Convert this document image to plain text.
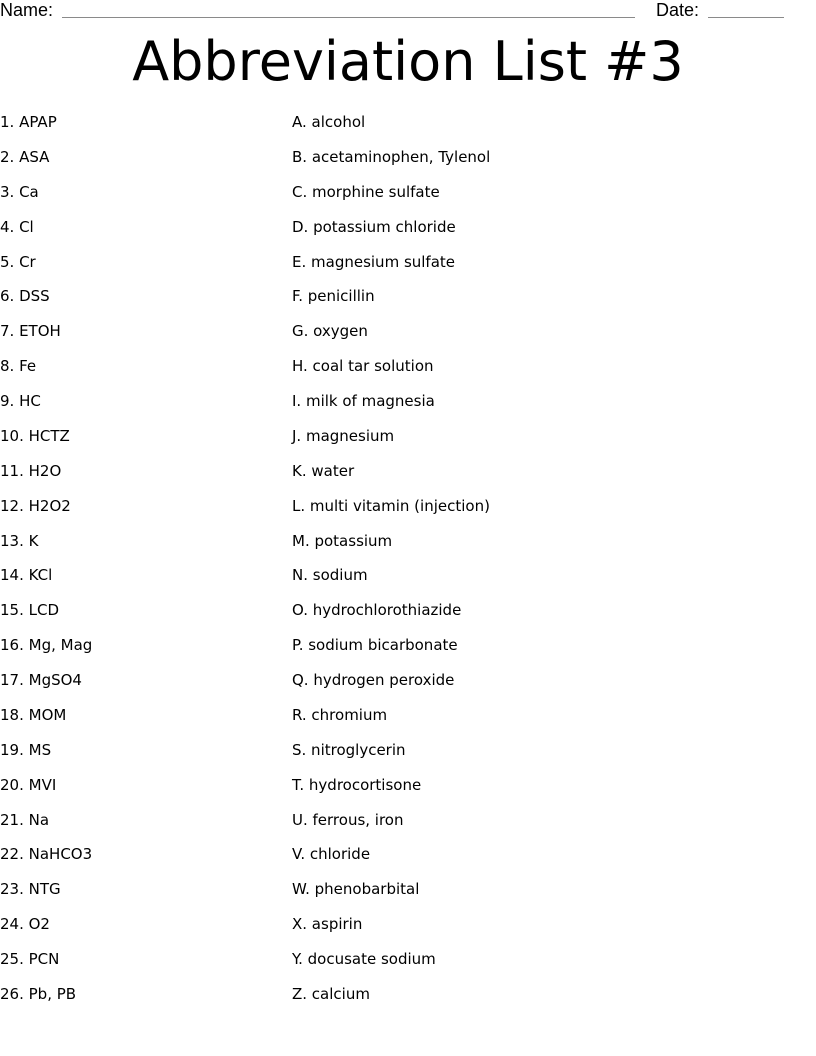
Name:	Date:
Abbreviation List #3
1. APAP	A. alcohol
2. ASA	B. acetaminophen, Tylenol
3. Ca	C. morphine sulfate
4. Cl	D. potassium chloride
5. Cr	E. magnesium sulfate
6. DSS	F. penicillin
7. ETOH	G. oxygen
8. Fe	H. coal tar solution
9. HC	I. milk of magnesia
10. HCTZ	J. magnesium
11. H2O	K. water
12. H2O2	L. multi vitamin (injection)
13. K	M. potassium
14. KCl	N. sodium
15. LCD	O. hydrochlorothiazide
16. Mg, Mag	P. sodium bicarbonate
17. MgSO4	Q. hydrogen peroxide
18. MOM	R. chromium
19. MS	S. nitroglycerin
20. MVI	T. hydrocortisone
21. Na	U. ferrous, iron
22. NaHCO3	V. chloride
23. NTG	W. phenobarbital
24. O2	X. aspirin
25. PCN	Y. docusate sodium
26. Pb, PB	Z. calcium
